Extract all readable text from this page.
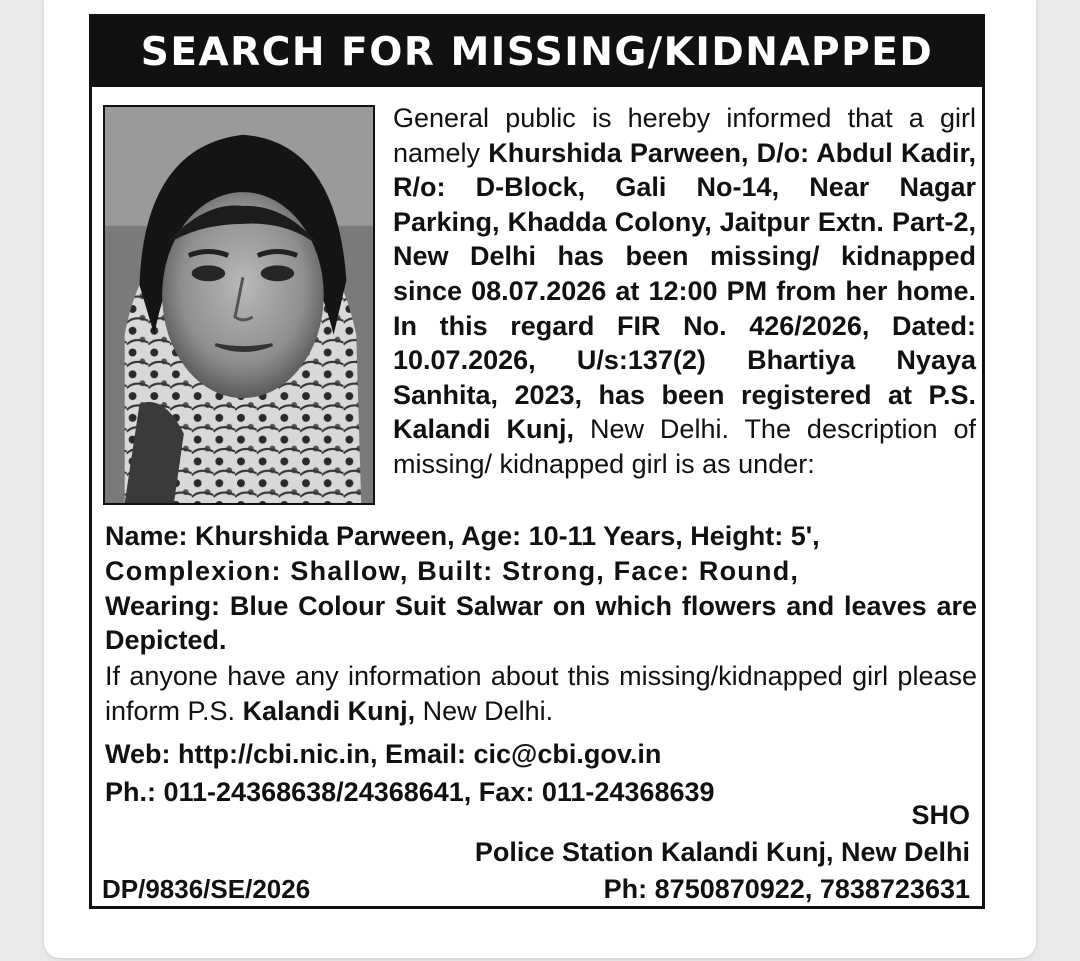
SEARCH FOR MISSING/KIDNAPPED

General public is hereby informed that a girl namely Khurshida Parween, D/o: Abdul Kadir, R/o: D-Block, Gali No-14, Near Nagar Parking, Khadda Colony, Jaitpur Extn. Part-2, New Delhi has been missing/ kidnapped since 08.07.2026 at 12:00 PM from her home. In this regard FIR No. 426/2026, Dated: 10.07.2026, U/s:137(2) Bhartiya Nyaya Sanhita, 2023, has been registered at P.S. Kalandi Kunj, New Delhi. The description of missing/ kidnapped girl is as under:

Name: Khurshida Parween, Age: 10-11 Years, Height: 5',
Complexion: Shallow, Built: Strong, Face: Round,
Wearing: Blue Colour Suit Salwar on which flowers and leaves are Depicted.

If anyone have any information about this missing/kidnapped girl please inform P.S. Kalandi Kunj, New Delhi.

Web: http://cbi.nic.in, Email: cic@cbi.gov.in
Ph.: 011-24368638/24368641, Fax: 011-24368639

SHO
Police Station Kalandi Kunj, New Delhi
Ph: 8750870922, 7838723631

DP/9836/SE/2026
